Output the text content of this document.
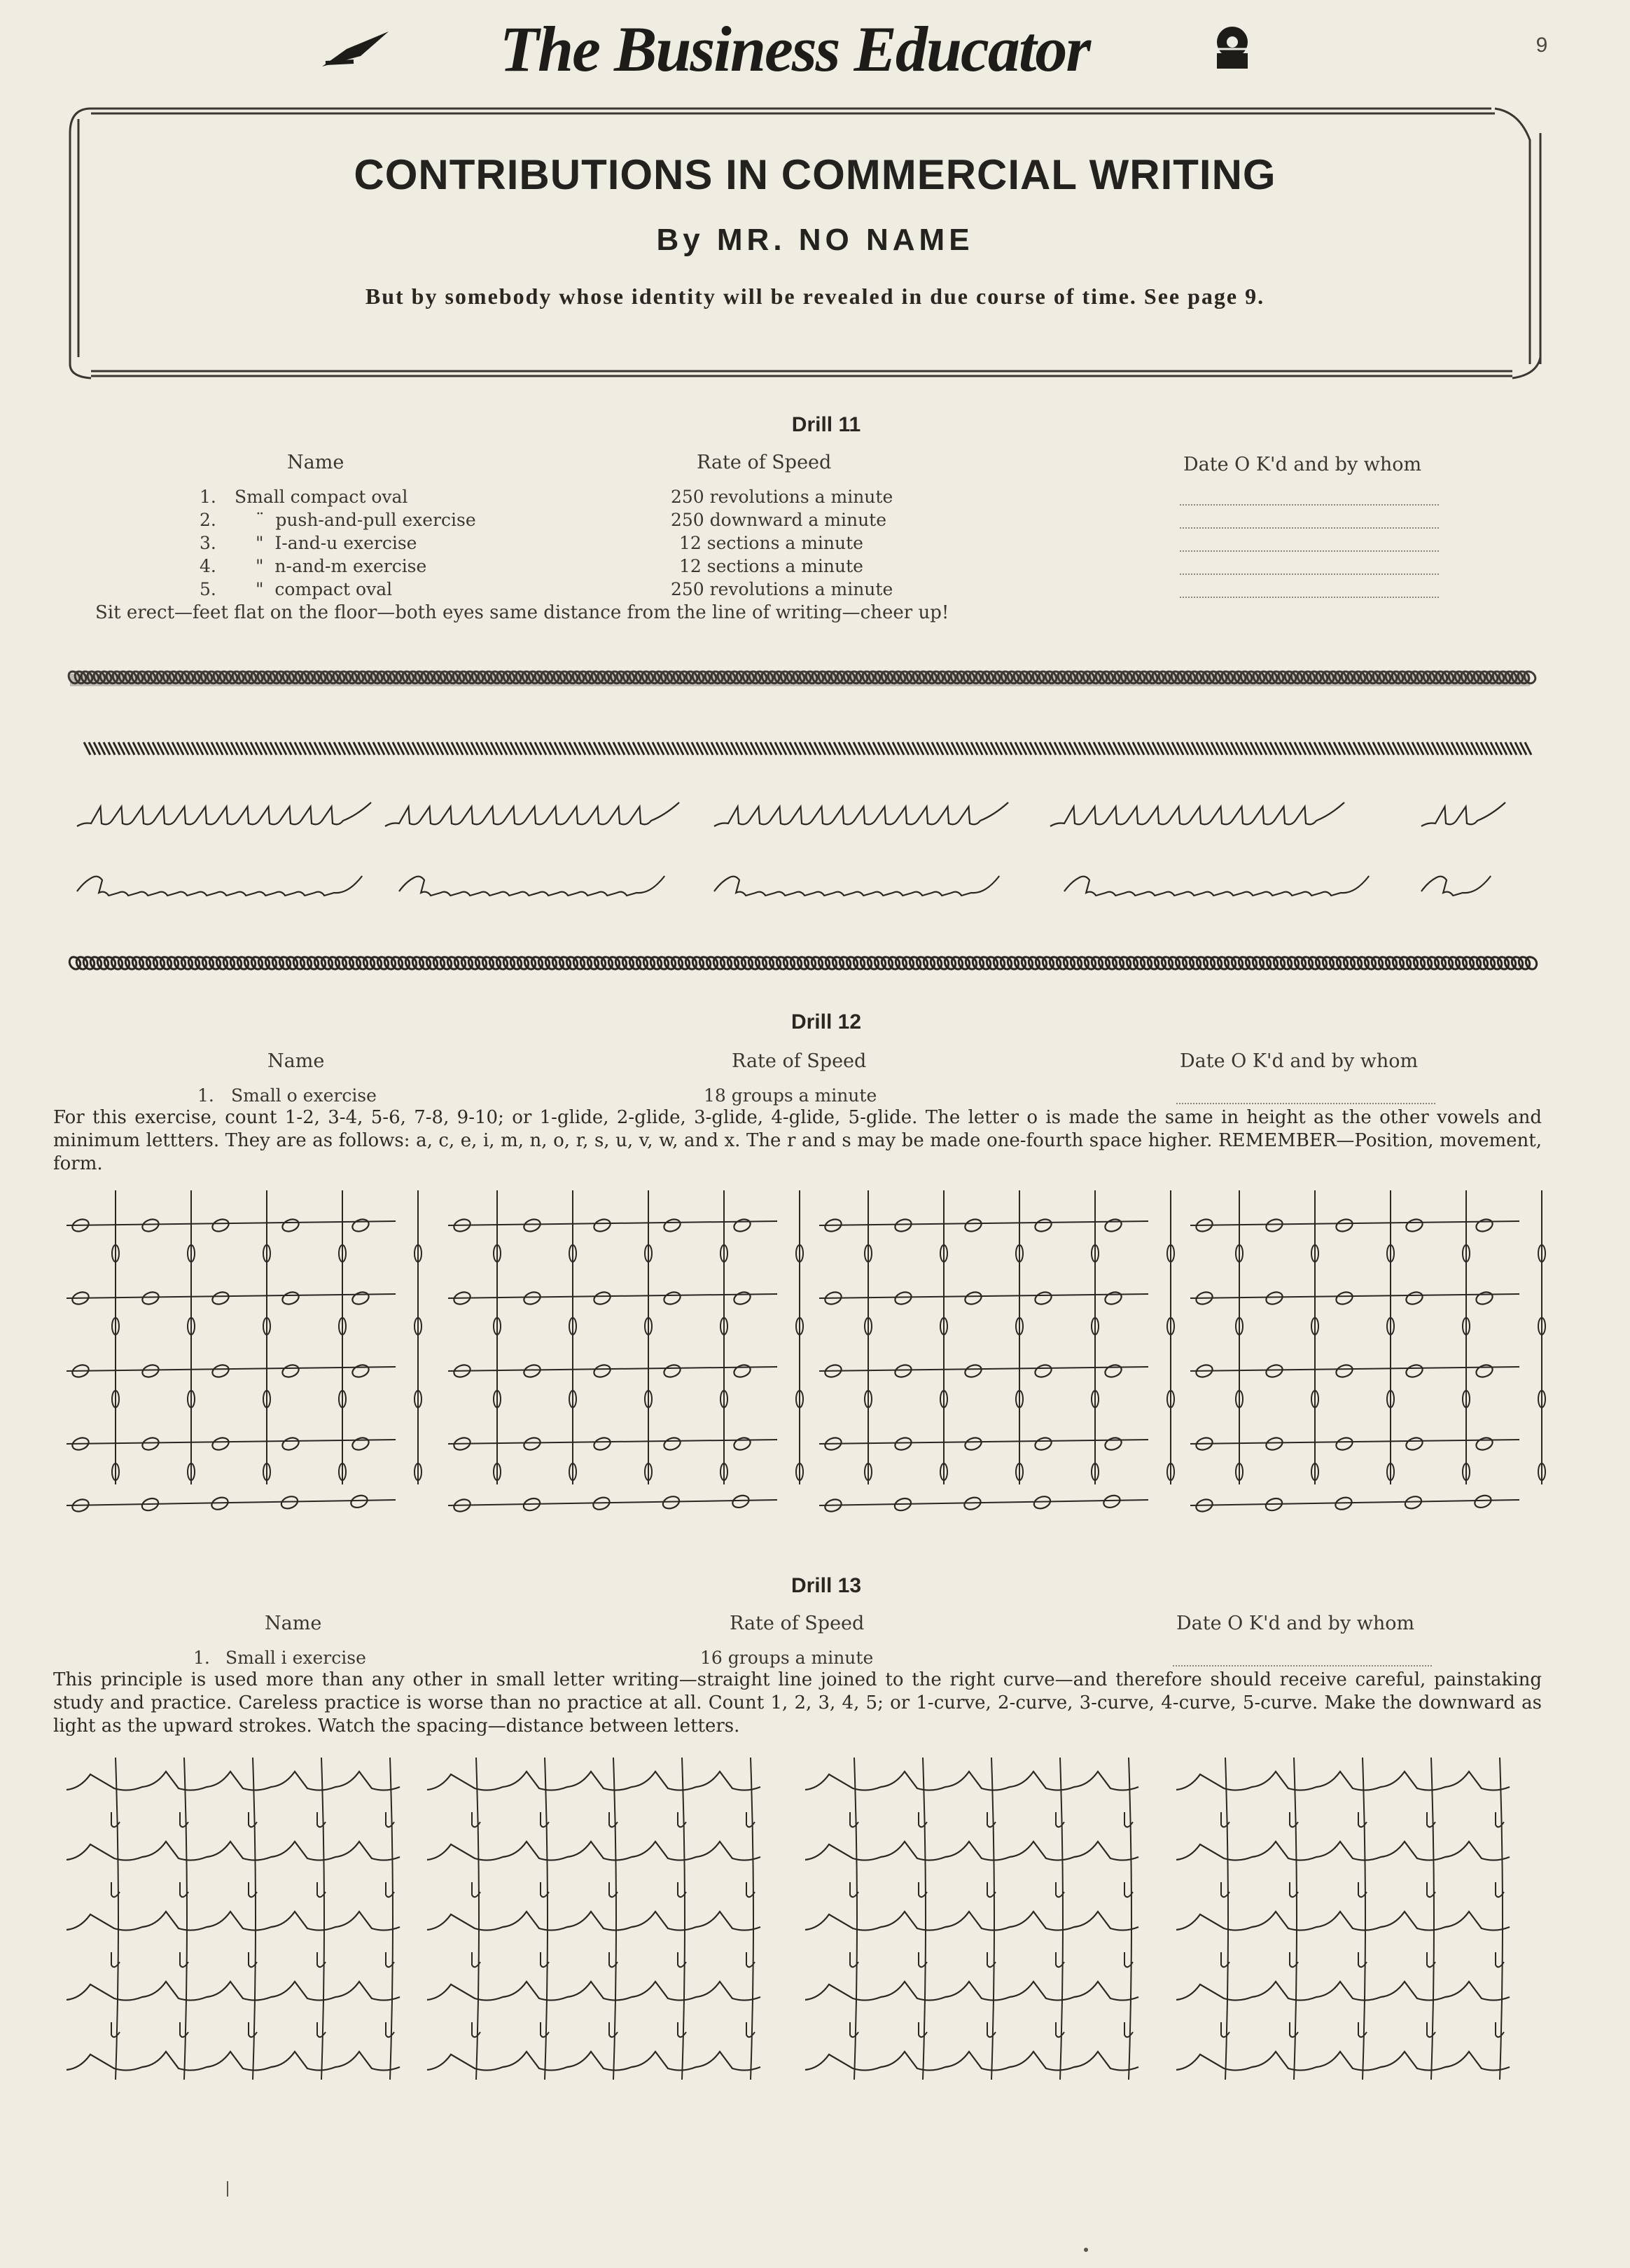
The Business Educator	9
CONTRIBUTIONS IN COMMERCIAL WRITING
By MR. NO NAME
But by somebody whose identity will be revealed in due course of time. See page 9.
Drill 11
Name	Rate of Speed	Date O K'd and by whom
1. Small compact oval	250 revolutions a minute
2. ¨  push-and-pull exercise	250 downward a minute
3. "  I-and-u exercise	12 sections a minute
4. "  n-and-m exercise	12 sections a minute
5. "  compact oval	250 revolutions a minute
Sit erect—feet flat on the floor—both eyes same distance from the line of writing—cheer up!
Drill 12
Name	Rate of Speed	Date O K'd and by whom
1. Small o exercise	18 groups a minute
For this exercise, count 1-2, 3-4, 5-6, 7-8, 9-10; or 1-glide, 2-glide, 3-glide, 4-glide, 5-glide. The letter o is made the same in height as the other vowels and minimum lettters. They are as follows: a, c, e, i, m, n, o, r, s, u, v, w, and x. The r and s may be made one-fourth space higher. REMEMBER—Position, movement, form.
Drill 13
Name	Rate of Speed	Date O K'd and by whom
1. Small i exercise	16 groups a minute
This principle is used more than any other in small letter writing—straight line joined to the right curve—and therefore should receive careful, painstaking study and practice. Careless practice is worse than no practice at all. Count 1, 2, 3, 4, 5; or 1-curve, 2-curve, 3-curve, 4-curve, 5-curve. Make the downward as light as the upward strokes. Watch the spacing—distance between letters.
